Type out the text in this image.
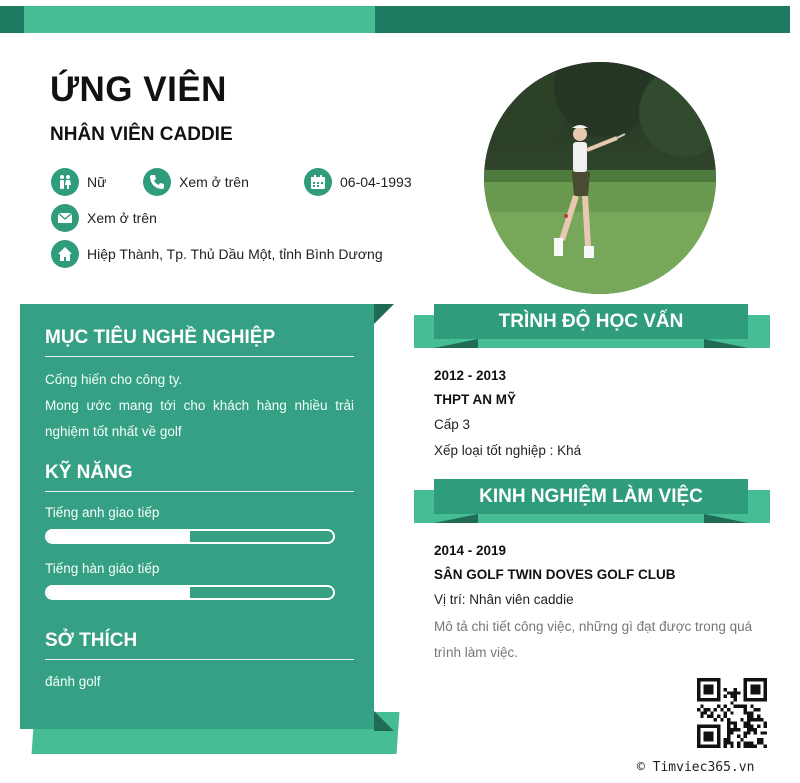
ỨNG VIÊN
NHÂN VIÊN CADDIE
Nữ	Xem ở trên	06-04-1993
Xem ở trên
Hiệp Thành, Tp. Thủ Dầu Một, tỉnh Bình Dương
MỤC TIÊU NGHỀ NGHIỆP
Cống hiến cho công ty.
Mong ước mang tới cho khách hàng nhiều trải nghiệm tốt nhất về golf
KỸ NĂNG
Tiếng anh giao tiếp
Tiếng hàn giáo tiếp
SỞ THÍCH
đánh golf
TRÌNH ĐỘ HỌC VẤN
2012 - 2013
THPT AN MỸ
Cấp 3
Xếp loại tốt nghiệp : Khá
KINH NGHIỆM LÀM VIỆC
2014 - 2019
SÂN GOLF TWIN DOVES GOLF CLUB
Vị trí: Nhân viên caddie
Mô tả chi tiết công việc, những gì đạt được trong quá trình làm việc.
© Timviec365.vn
